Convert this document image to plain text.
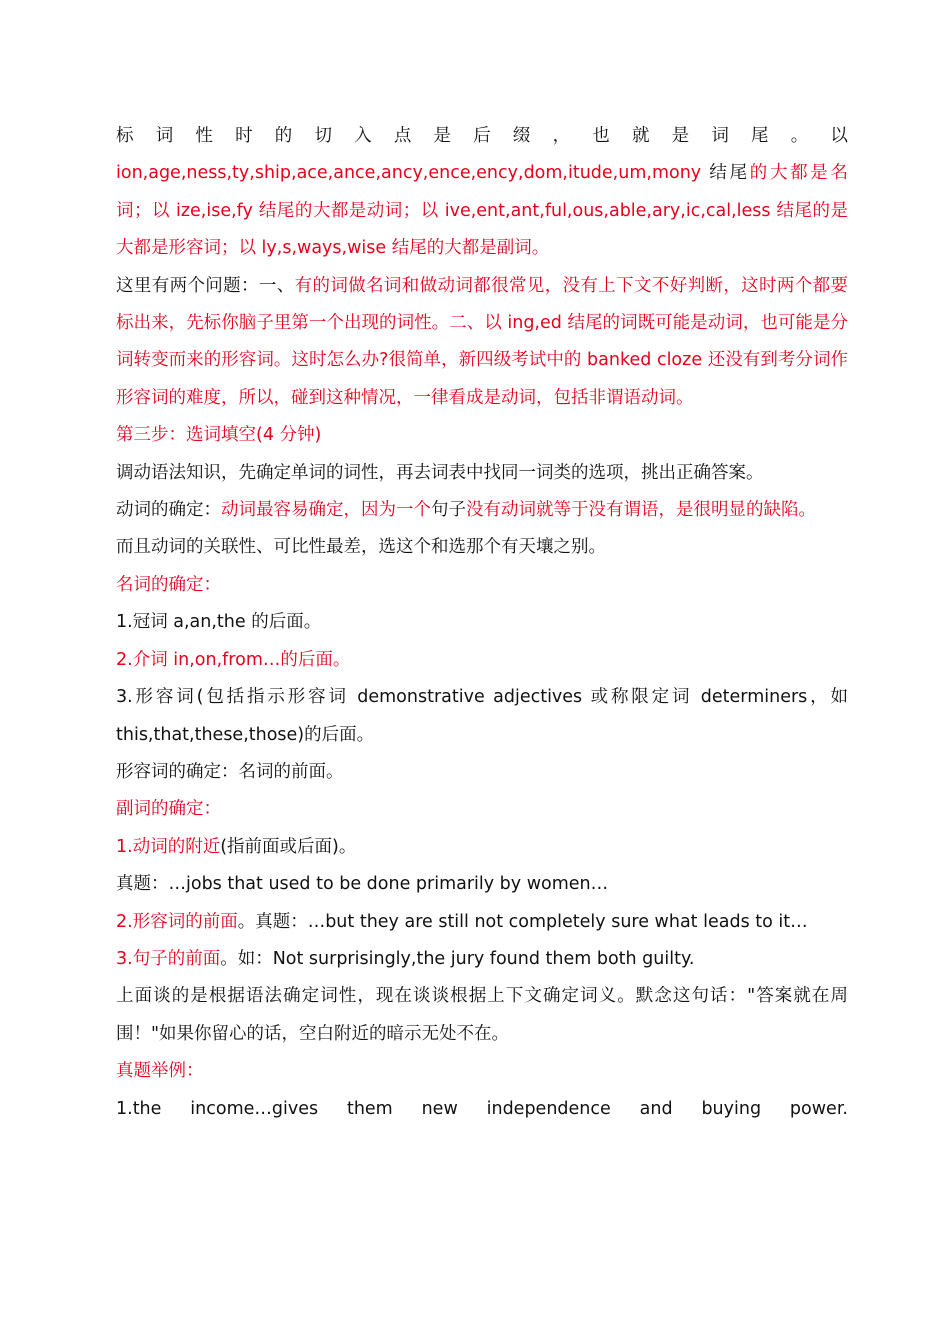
标 词 性 时 的 切 入 点 是 后 缀 ， 也 就 是 词 尾 。 以

ion,age,ness,ty,ship,ace,ance,ancy,ence,ency,dom,itude,um,mony 结尾的大都是名词；以 ize,ise,fy 结尾的大都是动词；以 ive,ent,ant,ful,ous,able,ary,ic,cal,less 结尾的是大都是形容词；以 ly,s,ways,wise 结尾的大都是副词。

这里有两个问题：一、有的词做名词和做动词都很常见，没有上下文不好判断，这时两个都要标出来，先标你脑子里第一个出现的词性。二、以 ing,ed 结尾的词既可能是动词，也可能是分词转变而来的形容词。这时怎么办?很简单，新四级考试中的 banked cloze 还没有到考分词作形容词的难度，所以，碰到这种情况，一律看成是动词，包括非谓语动词。

第三步：选词填空(4 分钟)

调动语法知识，先确定单词的词性，再去词表中找同一词类的选项，挑出正确答案。

动词的确定：动词最容易确定，因为一个句子没有动词就等于没有谓语，是很明显的缺陷。

而且动词的关联性、可比性最差，选这个和选那个有天壤之别。

名词的确定：

1.冠词 a,an,the 的后面。

2.介词 in,on,from…的后面。

3.形容词(包括指示形容词 demonstrative adjectives 或称限定词 determiners，如 this,that,these,those)的后面。

形容词的确定：名词的前面。

副词的确定：

1.动词的附近(指前面或后面)。

真题：…jobs that used to be done primarily by women…

2.形容词的前面。真题：…but they are still not completely sure what leads to it…

3.句子的前面。如：Not surprisingly,the jury found them both guilty.

上面谈的是根据语法确定词性，现在谈谈根据上下文确定词义。默念这句话："答案就在周围！"如果你留心的话，空白附近的暗示无处不在。

真题举例：

1.the income…gives them new independence and buying power.
